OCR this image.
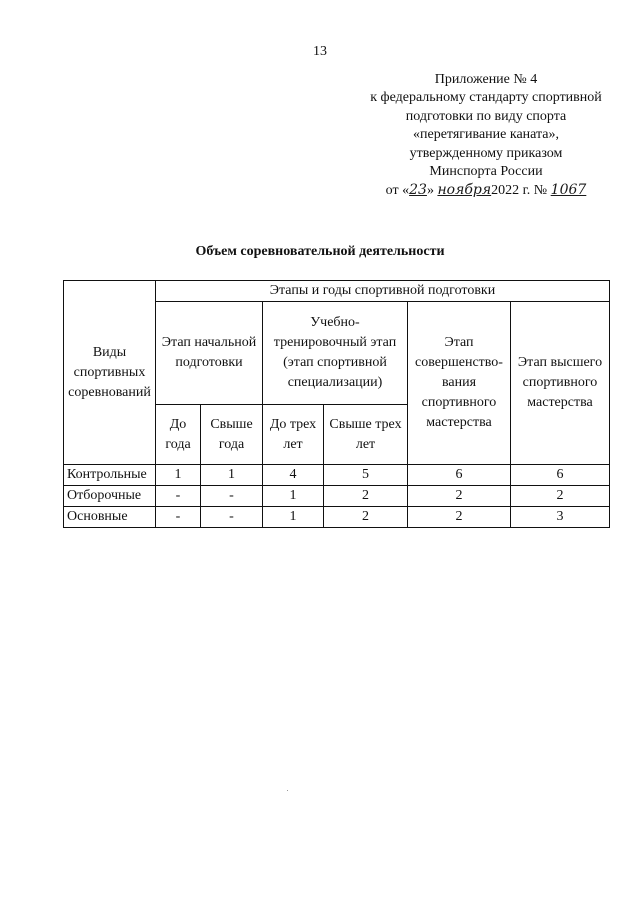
13
Приложение № 4
к федеральному стандарту спортивной
подготовки по виду спорта
«перетягивание каната»,
утвержденному приказом
Минспорта России
от «23» ноября2022 г. № 1067
Объем соревновательной деятельности
Виды спортивных соревнований	Этапы и годы спортивной подготовки					
	Этап начальной подготовки		Учебно-тренировочный этап (этап спортивной специализации)		Этап совершенство-вания спортивного мастерства	Этап высшего спортивного мастерства
	До года	Свыше года	До трех лет	Свыше трех лет		
Контрольные	1	1	4	5	6	6
Отборочные	-	-	1	2	2	2
Основные	-	-	1	2	2	3
